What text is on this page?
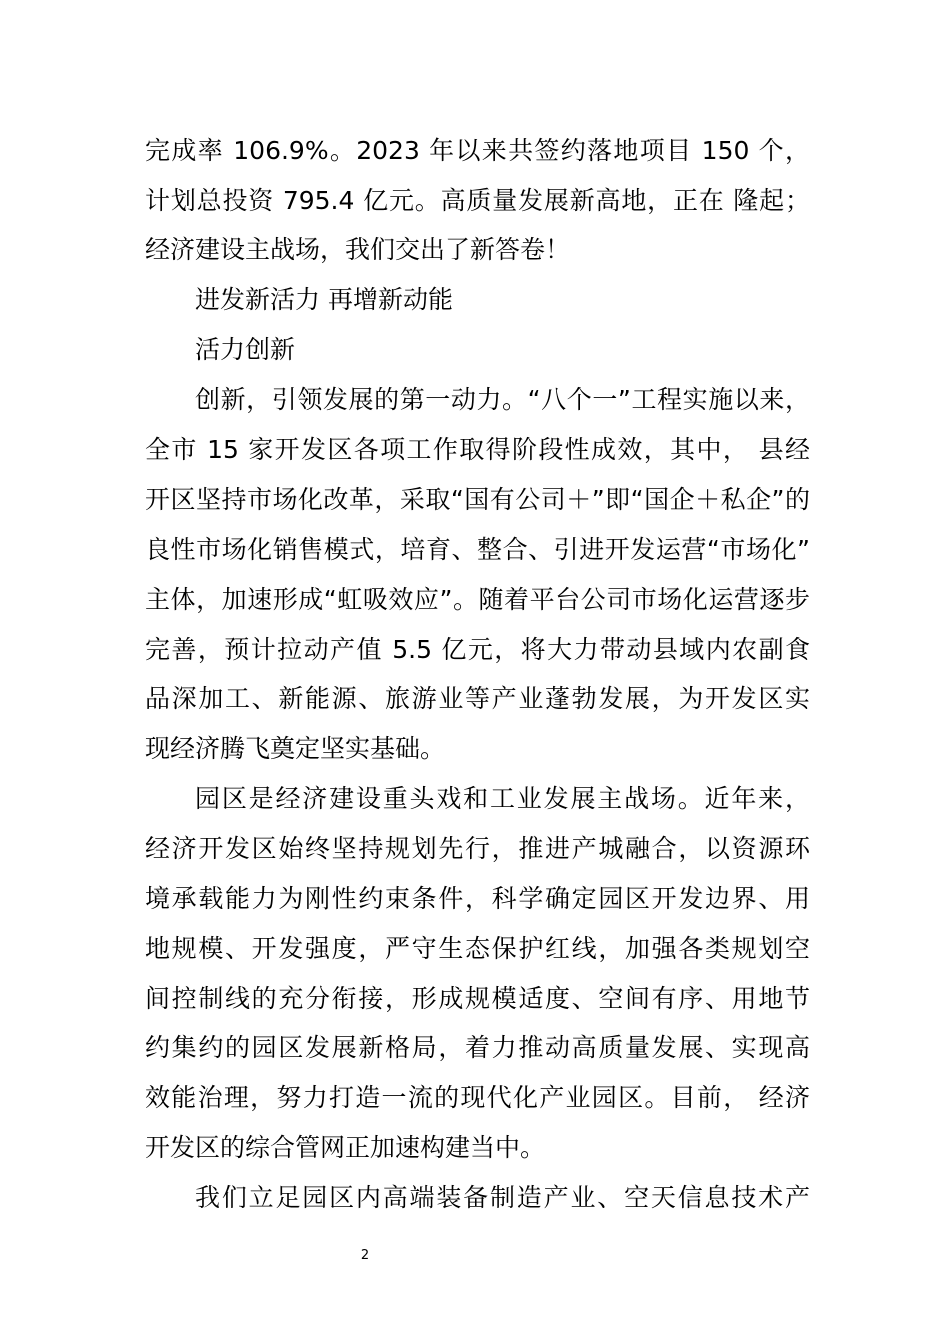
完成率 106.9%。2023 年以来共签约落地项目 150 个，
计划总投资 795.4 亿元。高质量发展新高地，正在 隆起；
经济建设主战场，我们交出了新答卷！
进发新活力 再增新动能
活力创新
创新，引领发展的第一动力。“八个一”工程实施以来，
全市 15 家开发区各项工作取得阶段性成效，其中， 县经
开区坚持市场化改革，采取“国有公司＋”即“国企＋私企”的
良性市场化销售模式，培育、整合、引进开发运营“市场化”
主体，加速形成“虹吸效应”。随着平台公司市场化运营逐步
完善，预计拉动产值 5.5 亿元，将大力带动县域内农副食
品深加工、新能源、旅游业等产业蓬勃发展，为开发区实
现经济腾飞奠定坚实基础。
园区是经济建设重头戏和工业发展主战场。近年来，
经济开发区始终坚持规划先行，推进产城融合，以资源环
境承载能力为刚性约束条件，科学确定园区开发边界、用
地规模、开发强度，严守生态保护红线，加强各类规划空
间控制线的充分衔接，形成规模适度、空间有序、用地节
约集约的园区发展新格局，着力推动高质量发展、实现高
效能治理，努力打造一流的现代化产业园区。目前， 经济
开发区的综合管网正加速构建当中。
我们立足园区内高端装备制造产业、空天信息技术产
2
